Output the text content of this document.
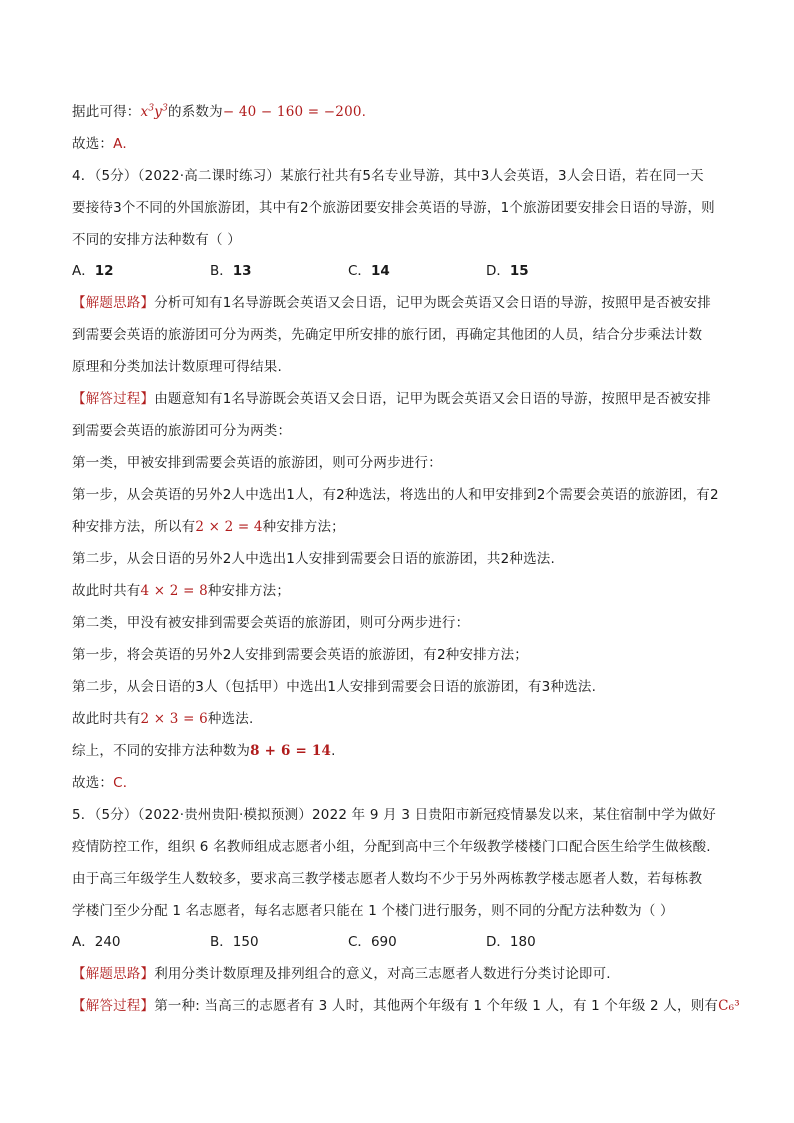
据此可得：$x^3y^3$的系数为− 40 − 160 = −200.
故选：A.
4．（5分）（2022·高二课时练习）某旅行社共有5名专业导游，其中3人会英语，3人会日语，若在同一天
要接待3个不同的外国旅游团，其中有2个旅游团要安排会英语的导游，1个旅游团要安排会日语的导游，则
不同的安排方法种数有（ ）
A．12	B．13	C．14	D．15
【解题思路】分析可知有1名导游既会英语又会日语，记甲为既会英语又会日语的导游，按照甲是否被安排
到需要会英语的旅游团可分为两类，先确定甲所安排的旅行团，再确定其他团的人员，结合分步乘法计数
原理和分类加法计数原理可得结果.
【解答过程】由题意知有1名导游既会英语又会日语，记甲为既会英语又会日语的导游，按照甲是否被安排
到需要会英语的旅游团可分为两类：
第一类，甲被安排到需要会英语的旅游团，则可分两步进行：
第一步，从会英语的另外2人中选出1人，有2种选法，将选出的人和甲安排到2个需要会英语的旅游团，有2
种安排方法，所以有2 × 2 = 4种安排方法；
第二步，从会日语的另外2人中选出1人安排到需要会日语的旅游团，共2种选法.
故此时共有4 × 2 = 8种安排方法；
第二类，甲没有被安排到需要会英语的旅游团，则可分两步进行：
第一步，将会英语的另外2人安排到需要会英语的旅游团，有2种安排方法；
第二步，从会日语的3人（包括甲）中选出1人安排到需要会日语的旅游团，有3种选法.
故此时共有2 × 3 = 6种选法.
综上，不同的安排方法种数为8 + 6 = 14.
故选：C．
5．（5分）（2022·贵州贵阳·模拟预测）2022 年 9 月 3 日贵阳市新冠疫情暴发以来，某住宿制中学为做好
疫情防控工作，组织 6 名教师组成志愿者小组，分配到高中三个年级教学楼楼门口配合医生给学生做核酸.
由于高三年级学生人数较多，要求高三教学楼志愿者人数均不少于另外两栋教学楼志愿者人数，若每栋教
学楼门至少分配 1 名志愿者，每名志愿者只能在 1 个楼门进行服务，则不同的分配方法种数为（ ）
A．240	B．150	C．690	D．180
【解题思路】利用分类计数原理及排列组合的意义，对高三志愿者人数进行分类讨论即可.
【解答过程】第一种: 当高三的志愿者有 3 人时，其他两个年级有 1 个年级 1 人，有 1 个年级 2 人，则有C₆³
